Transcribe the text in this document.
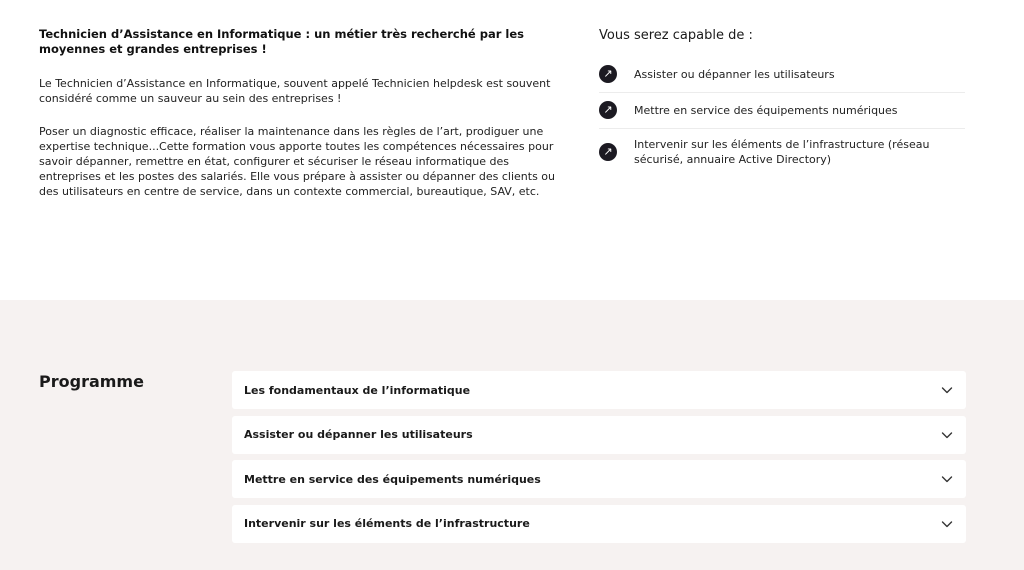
Technicien d’Assistance en Informatique : un métier très recherché par les moyennes et grandes entreprises !

Le Technicien d’Assistance en Informatique, souvent appelé Technicien helpdesk est souvent considéré comme un sauveur au sein des entreprises !

Poser un diagnostic efficace, réaliser la maintenance dans les règles de l’art, prodiguer une expertise technique...Cette formation vous apporte toutes les compétences nécessaires pour savoir dépanner, remettre en état, configurer et sécuriser le réseau informatique des entreprises et les postes des salariés. Elle vous prépare à assister ou dépanner des clients ou des utilisateurs en centre de service, dans un contexte commercial, bureautique, SAV, etc.

Vous serez capable de :
↗	Assister ou dépanner les utilisateurs
↗	Mettre en service des équipements numériques
↗
Intervenir sur les éléments de l’infrastructure (réseau sécurisé, annuaire Active Directory)
Programme	Les fondamentaux de l’informatique
Assister ou dépanner les utilisateurs
Mettre en service des équipements numériques
Intervenir sur les éléments de l’infrastructure
